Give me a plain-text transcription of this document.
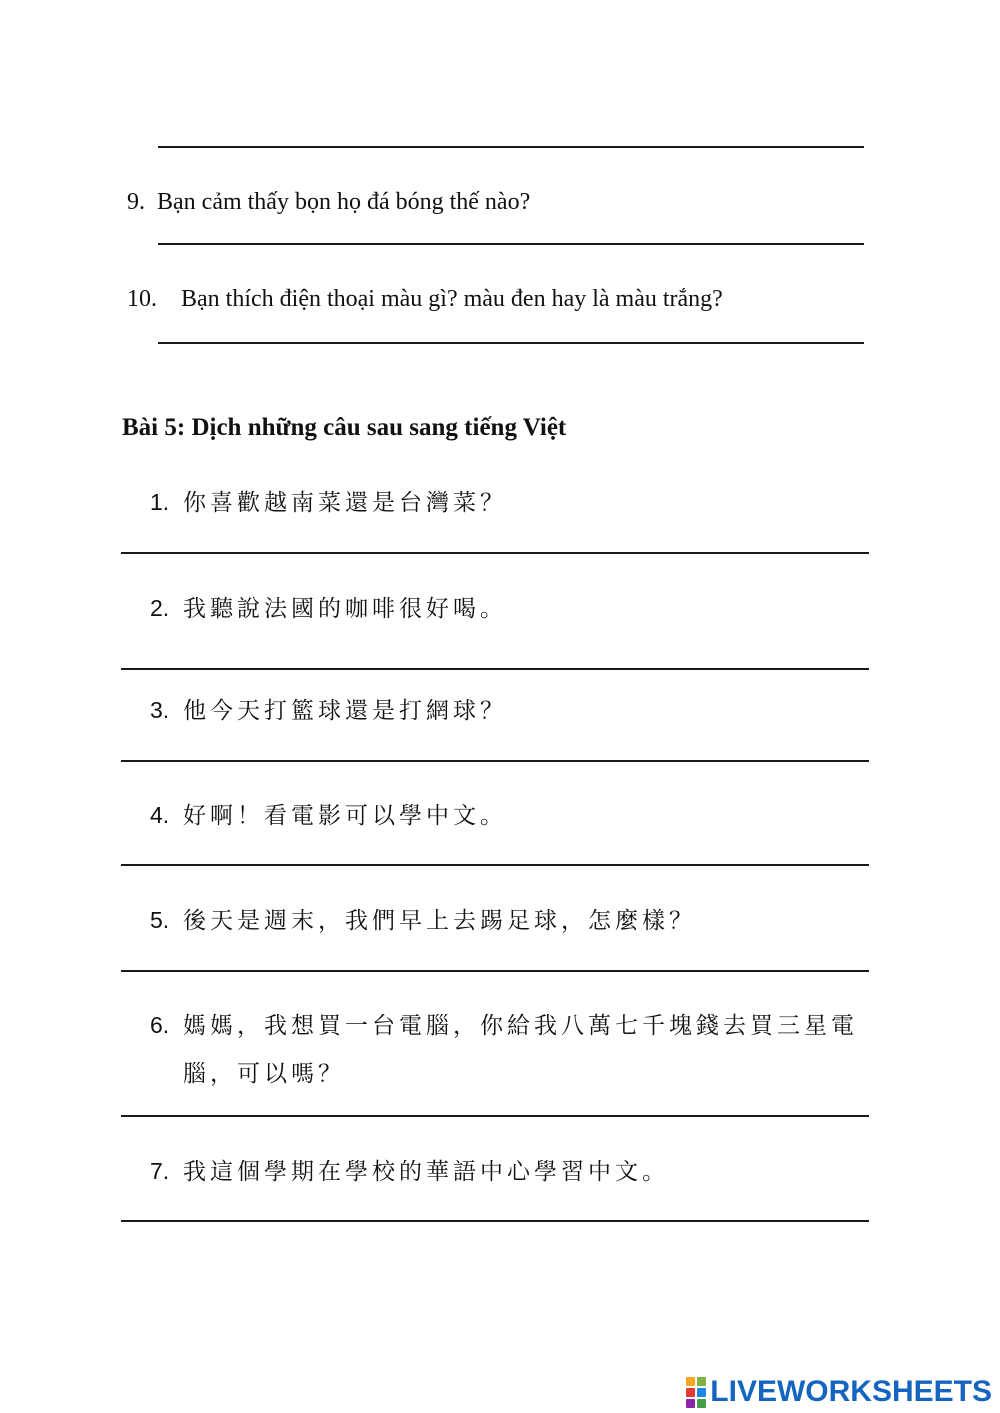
9. Bạn cảm thấy bọn họ đá bóng thế nào?
10. Bạn thích điện thoại màu gì? màu đen hay là màu trắng?
Bài 5: Dịch những câu sau sang tiếng Việt
1. 你喜歡越南菜還是台灣菜？
2. 我聽說法國的咖啡很好喝。
3. 他今天打籃球還是打網球？
4. 好啊！看電影可以學中文。
5. 後天是週末，我們早上去踢足球，怎麼樣？
6. 媽媽，我想買一台電腦，你給我八萬七千塊錢去買三星電
腦，可以嗎？
7. 我這個學期在學校的華語中心學習中文。
LIVEWORKSHEETS
